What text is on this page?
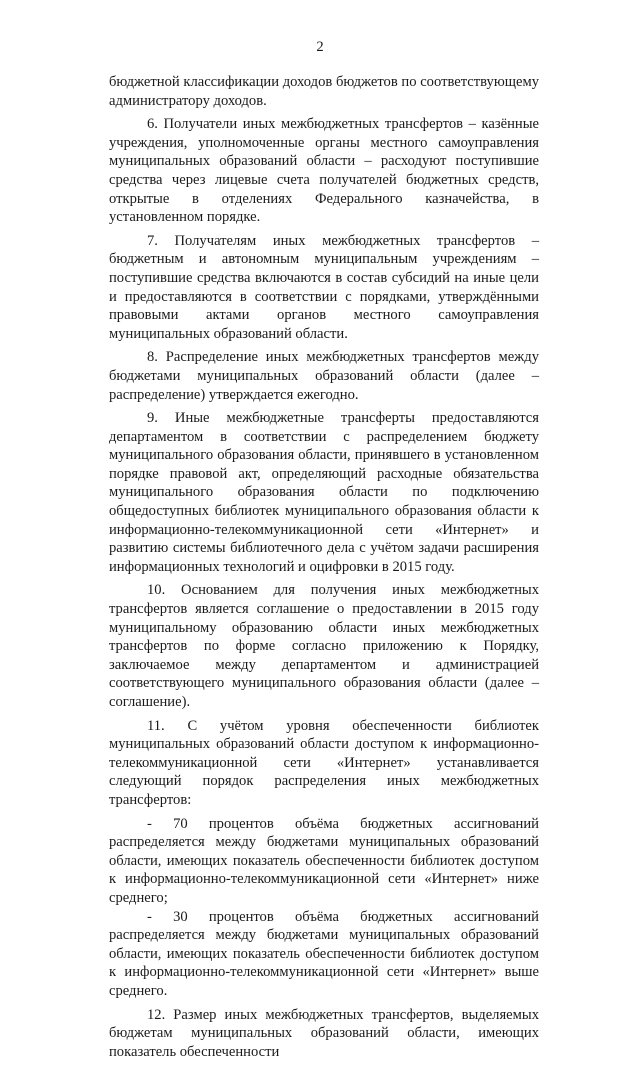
2

бюджетной классификации доходов бюджетов по соответствующему администратору доходов.

6. Получатели иных межбюджетных трансфертов – казённые учреждения, уполномоченные органы местного самоуправления муниципальных образований области – расходуют поступившие средства через лицевые счета получателей бюджетных средств, открытые в отделениях Федерального казначейства, в установленном порядке.

7. Получателям иных межбюджетных трансфертов – бюджетным и автономным муниципальным учреждениям – поступившие средства включаются в состав субсидий на иные цели и предоставляются в соответствии с порядками, утверждёнными правовыми актами органов местного самоуправления муниципальных образований области.

8. Распределение иных межбюджетных трансфертов между бюджетами муниципальных образований области (далее – распределение) утверждается ежегодно.

9. Иные межбюджетные трансферты предоставляются департаментом в соответствии с распределением бюджету муниципального образования области, принявшего в установленном порядке правовой акт, определяющий расходные обязательства муниципального образования области по подключению общедоступных библиотек муниципального образования области к информационно-телекоммуникационной сети «Интернет» и развитию системы библиотечного дела с учётом задачи расширения информационных технологий и оцифровки в 2015 году.

10. Основанием для получения иных межбюджетных трансфертов является соглашение о предоставлении в 2015 году муниципальному образованию области иных межбюджетных трансфертов по форме согласно приложению к Порядку, заключаемое между департаментом и администрацией соответствующего муниципального образования области (далее – соглашение).

11. С учётом уровня обеспеченности библиотек муниципальных образований области доступом к информационно-телекоммуникационной сети «Интернет» устанавливается следующий порядок распределения иных межбюджетных трансфертов:

- 70 процентов объёма бюджетных ассигнований распределяется между бюджетами муниципальных образований области, имеющих показатель обеспеченности библиотек доступом к информационно-телекоммуникационной сети «Интернет» ниже среднего;

- 30 процентов объёма бюджетных ассигнований распределяется между бюджетами муниципальных образований области, имеющих показатель обеспеченности библиотек доступом к информационно-телекоммуникационной сети «Интернет» выше среднего.

12. Размер иных межбюджетных трансфертов, выделяемых бюджетам муниципальных образований области, имеющих показатель обеспеченности
